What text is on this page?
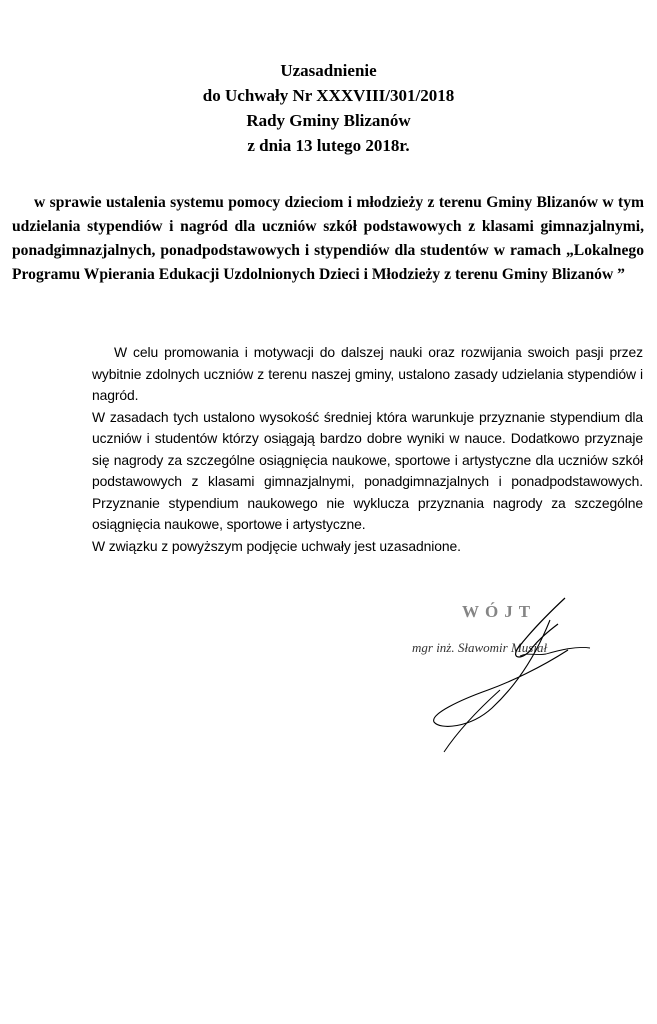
Uzasadnienie
do Uchwały Nr XXXVIII/301/2018
Rady Gminy Blizanów
z dnia 13 lutego 2018r.
w sprawie ustalenia systemu pomocy dzieciom i młodzieży z terenu Gminy Blizanów w tym udzielania stypendiów i nagród dla uczniów szkół podstawowych z klasami gimnazjalnymi, ponadgimnazjalnych, ponadpodstawowych i stypendiów dla studentów w ramach „Lokalnego Programu Wpierania Edukacji Uzdolnionych Dzieci i Młodzieży z terenu Gminy Blizanów ”

W celu promowania i motywacji do dalszej nauki oraz rozwijania swoich pasji przez wybitnie zdolnych uczniów z terenu naszej gminy, ustalono zasady udzielania stypendiów i nagród.

W zasadach tych ustalono wysokość średniej która warunkuje przyznanie stypendium dla uczniów i studentów którzy osiągają bardzo dobre wyniki w nauce. Dodatkowo przyznaje się nagrody za szczególne osiągnięcia naukowe, sportowe i artystyczne dla uczniów szkół podstawowych z klasami gimnazjalnymi, ponadgimnazjalnych i ponadpodstawowych. Przyznanie stypendium naukowego nie wyklucza przyznania nagrody za szczególne osiągnięcia naukowe, sportowe i artystyczne.

W związku z powyższym podjęcie uchwały jest uzasadnione.

WÓJT
mgr inż. Sławomir Musiał
